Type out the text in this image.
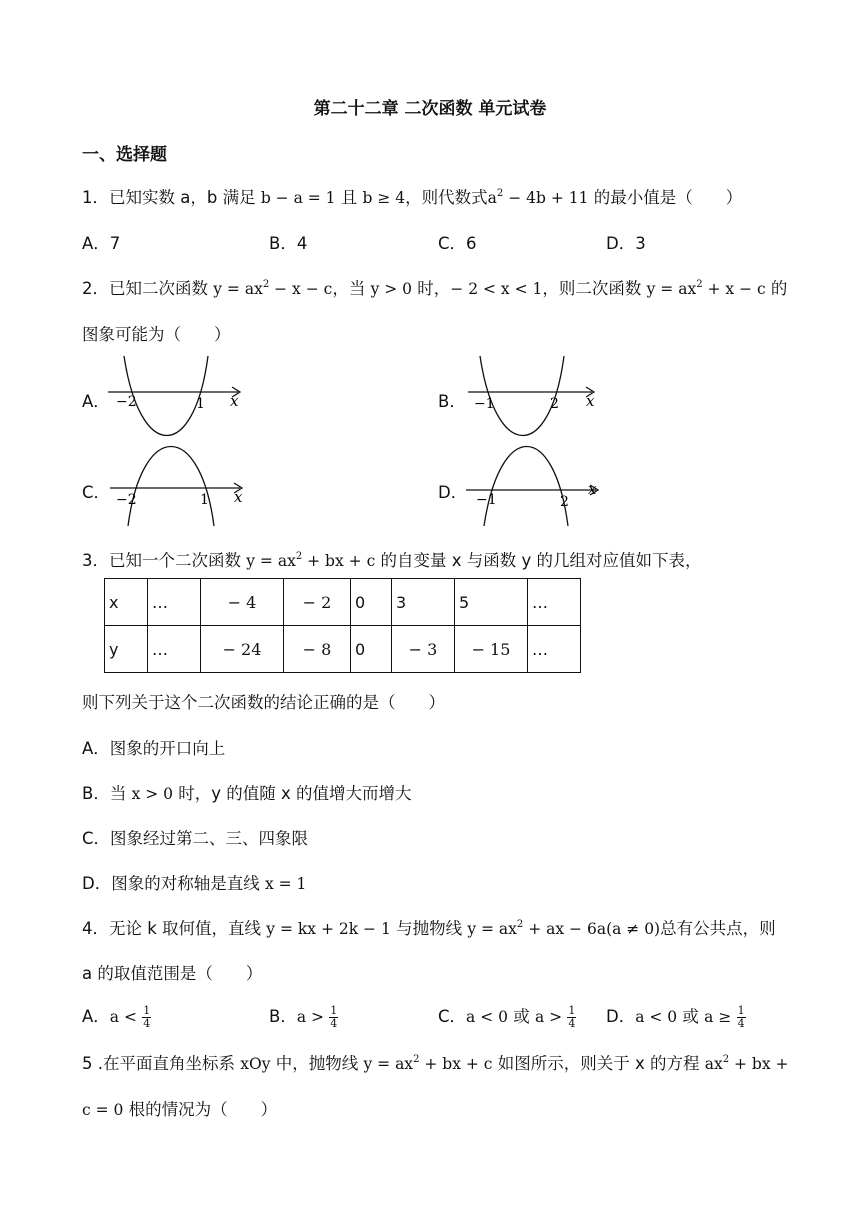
第二十二章 二次函数 单元试卷
一、选择题
1．已知实数 a，b 满足 b − a = 1 且 b ≥ 4，则代数式$a^2 - 4b + 11$ 的最小值是（　　）
A．7	B．4	C．6	D．3
2．已知二次函数 $y = ax^2 - x - c$，当 y > 0 时，− 2 < x < 1，则二次函数 $y = ax^2 + x - c$ 的
图象可能为（　　）
A．	B．
C．	D．
−2	1 x	−1	2 x
−2	1 x	−1	2
x
3．已知一个二次函数 $y = ax^2$ + bx + c 的自变量 x 与函数 y 的几组对应值如下表，
x	…	− 4	− 2	0	3	5	…
y	…	− 24	− 8	0	− 3	− 15	…
则下列关于这个二次函数的结论正确的是（　　）
A．图象的开口向上
B．当 x > 0 时，y 的值随 x 的值增大而增大
C．图象经过第二、三、四象限
D．图象的对称轴是直线 x = 1
4．无论 k 取何值，直线 y = kx + 2k − 1 与抛物线 $y = ax^2$ + ax − 6a(a ≠ 0)总有公共点，则
a 的取值范围是（　　）
A．$a < \frac{1}{4}$	B．$a > \frac{1}{4}$	C．a < 0 或 $a > \frac{1}{4}$ D．a < 0 或 $a \ge \frac{1}{4}$
5 .在平面直角坐标系 xOy 中，抛物线 $y = ax^2$ + bx + c 如图所示，则关于 x 的方程 $ax^2$ + bx +
c = 0 根的情况为（　　）
